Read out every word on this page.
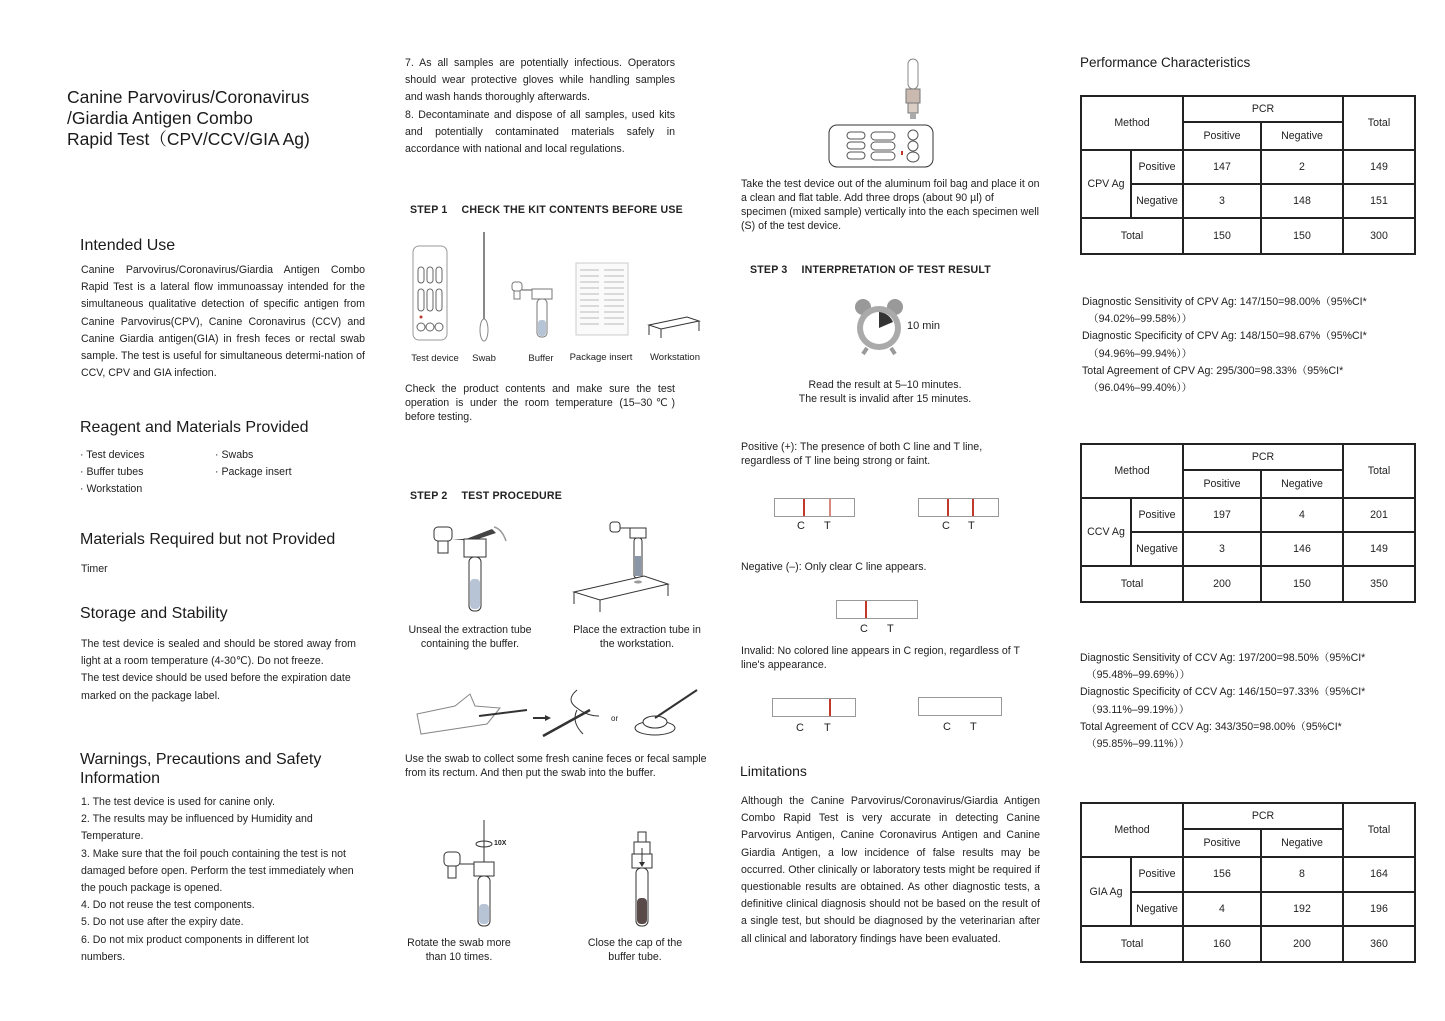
Canine Parvovirus/Coronavirus
/Giardia Antigen Combo
Rapid Test（CPV/CCV/GIA Ag)
Intended Use
Canine Parvovirus/Coronavirus/Giardia Antigen Combo Rapid Test is a lateral flow immunoassay intended for the simultaneous qualitative detection of specific antigen from Canine Parvovirus(CPV), Canine Coronavirus (CCV) and Canine Giardia antigen(GIA) in fresh feces or rectal swab sample. The test is useful for simultaneous determi-nation of CCV, CPV and GIA infection.
Reagent and Materials Provided
· Test devices
· Buffer tubes
· Workstation
· Swabs
· Package insert
Materials Required but not Provided
Timer
Storage and Stability
The test device is sealed and should be stored away from light at a room temperature (4-30℃). Do not freeze.
The test device should be used before the expiration date marked on the package label.
Warnings, Precautions and Safety
Information
1. The test device is used for canine only.
2. The results may be influenced by Humidity and Temperature.
3. Make sure that the foil pouch containing the test is not damaged before open. Perform the test immediately when the pouch package is opened.
4. Do not reuse the test components.
5. Do not use after the expiry date.
6. Do not mix product components in different lot numbers.
7. As all samples are potentially infectious. Operators should wear protective gloves while handling samples and wash hands thoroughly afterwards.
8. Decontaminate and dispose of all samples, used kits and potentially contaminated materials safely in accordance with national and local regulations.
STEP 1 CHECK THE KIT CONTENTS BEFORE USE
Test device	Swab	Buffer	Package insert	Workstation
Check the product contents and make sure the test operation is under the room temperature (15–30℃) before testing.
STEP 2 TEST PROCEDURE
Unseal the extraction tube containing the buffer.
Place the extraction tube in the workstation.
or
Use the swab to collect some fresh canine feces or fecal sample from its rectum. And then put the swab into the buffer.
10X
Rotate the swab more than 10 times.
Close the cap of the buffer tube.
Take the test device out of the aluminum foil bag and place it on a clean and flat table. Add three drops (about 90 µl) of specimen (mixed sample) vertically into the each specimen well (S) of the test device.
STEP 3 INTERPRETATION OF TEST RESULT
10 min
Read the result at 5–10 minutes.
The result is invalid after 15 minutes.
Positive (+): The presence of both C line and T line, regardless of T line being strong or faint.
C T	C T
Negative (–): Only clear C line appears.
C T
Invalid: No colored line appears in C region, regardless of T line's appearance.
C T	C T
Limitations
Although the Canine Parvovirus/Coronavirus/Giardia Antigen Combo Rapid Test is very accurate in detecting Canine Parvovirus Antigen, Canine Coronavirus Antigen and Canine Giardia Antigen, a low incidence of false results may be occurred. Other clinically or laboratory tests might be required if questionable results are obtained. As other diagnostic tests, a definitive clinical diagnosis should not be based on the result of a single test, but should be diagnosed by the veterinarian after all clinical and laboratory findings have been evaluated.
Performance Characteristics
Method		PCR		Total
		Positive	Negative	
CPV Ag	Positive	147	2	149
	Negative	3	148	151
Total		150	150	300
Diagnostic Sensitivity of CPV Ag: 147/150=98.00%（95%CI*
（94.02%–99.58%））
Diagnostic Specificity of CPV Ag: 148/150=98.67%（95%CI*
（94.96%–99.94%））
Total Agreement of CPV Ag: 295/300=98.33%（95%CI*
（96.04%–99.40%））
Method		PCR		Total
		Positive	Negative	
CCV Ag	Positive	197	4	201
	Negative	3	146	149
Total		200	150	350
Diagnostic Sensitivity of CCV Ag: 197/200=98.50%（95%CI*
（95.48%–99.69%））
Diagnostic Specificity of CCV Ag: 146/150=97.33%（95%CI*
（93.11%–99.19%））
Total Agreement of CCV Ag: 343/350=98.00%（95%CI*
（95.85%–99.11%））
Method		PCR		Total
		Positive	Negative	
GIA Ag	Positive	156	8	164
	Negative	4	192	196
Total		160	200	360
